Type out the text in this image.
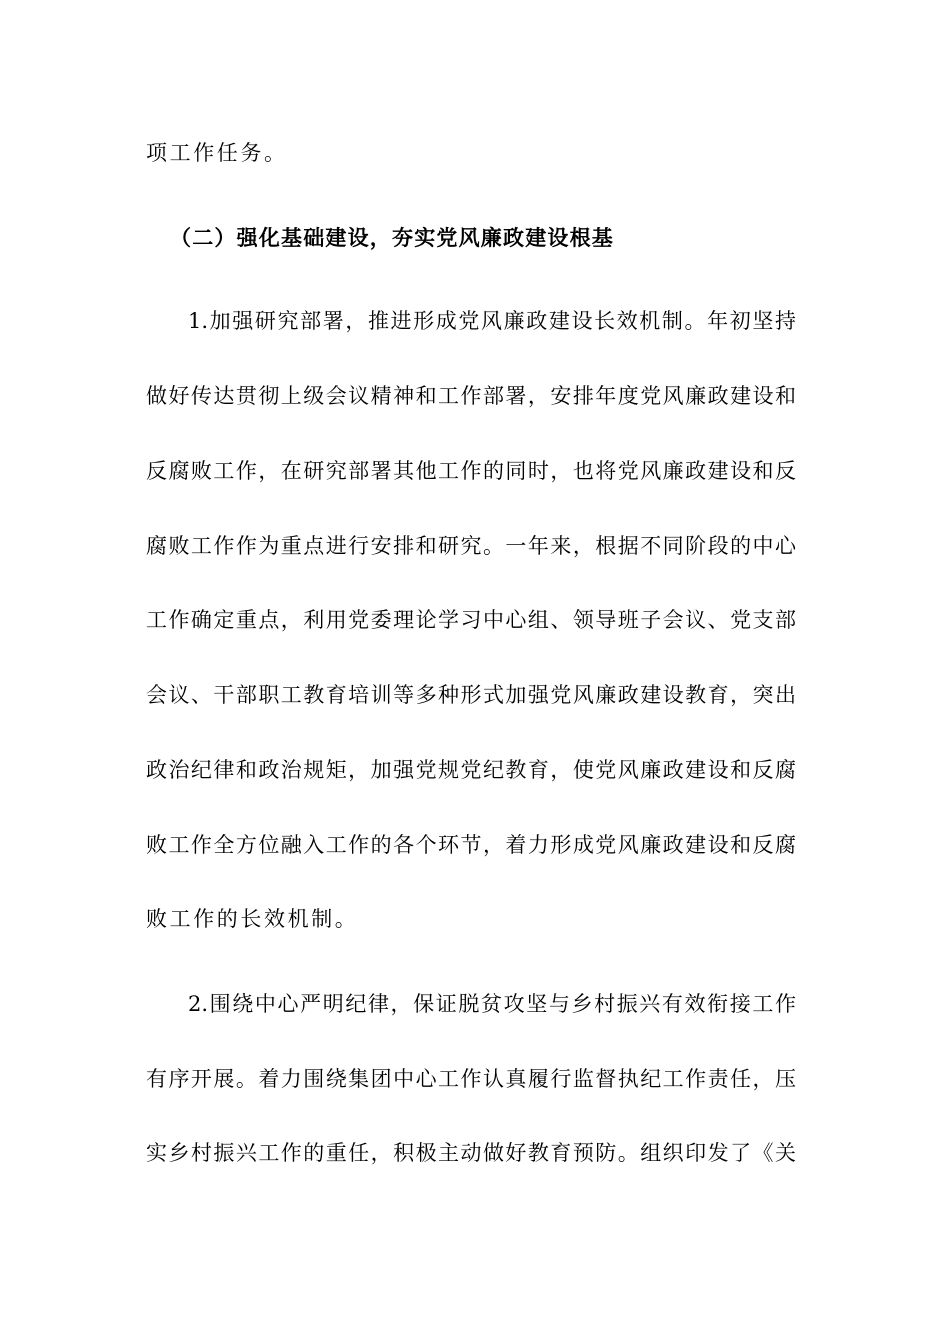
项工作任务。
（二）强化基础建设，夯实党风廉政建设根基
1.加强研究部署，推进形成党风廉政建设长效机制。年初坚持
做好传达贯彻上级会议精神和工作部署，安排年度党风廉政建设和
反腐败工作，在研究部署其他工作的同时，也将党风廉政建设和反
腐败工作作为重点进行安排和研究。一年来，根据不同阶段的中心
工作确定重点，利用党委理论学习中心组、领导班子会议、党支部
会议、干部职工教育培训等多种形式加强党风廉政建设教育，突出
政治纪律和政治规矩，加强党规党纪教育，使党风廉政建设和反腐
败工作全方位融入工作的各个环节，着力形成党风廉政建设和反腐
败工作的长效机制。
2.围绕中心严明纪律，保证脱贫攻坚与乡村振兴有效衔接工作
有序开展。着力围绕集团中心工作认真履行监督执纪工作责任，压
实乡村振兴工作的重任，积极主动做好教育预防。组织印发了《关
